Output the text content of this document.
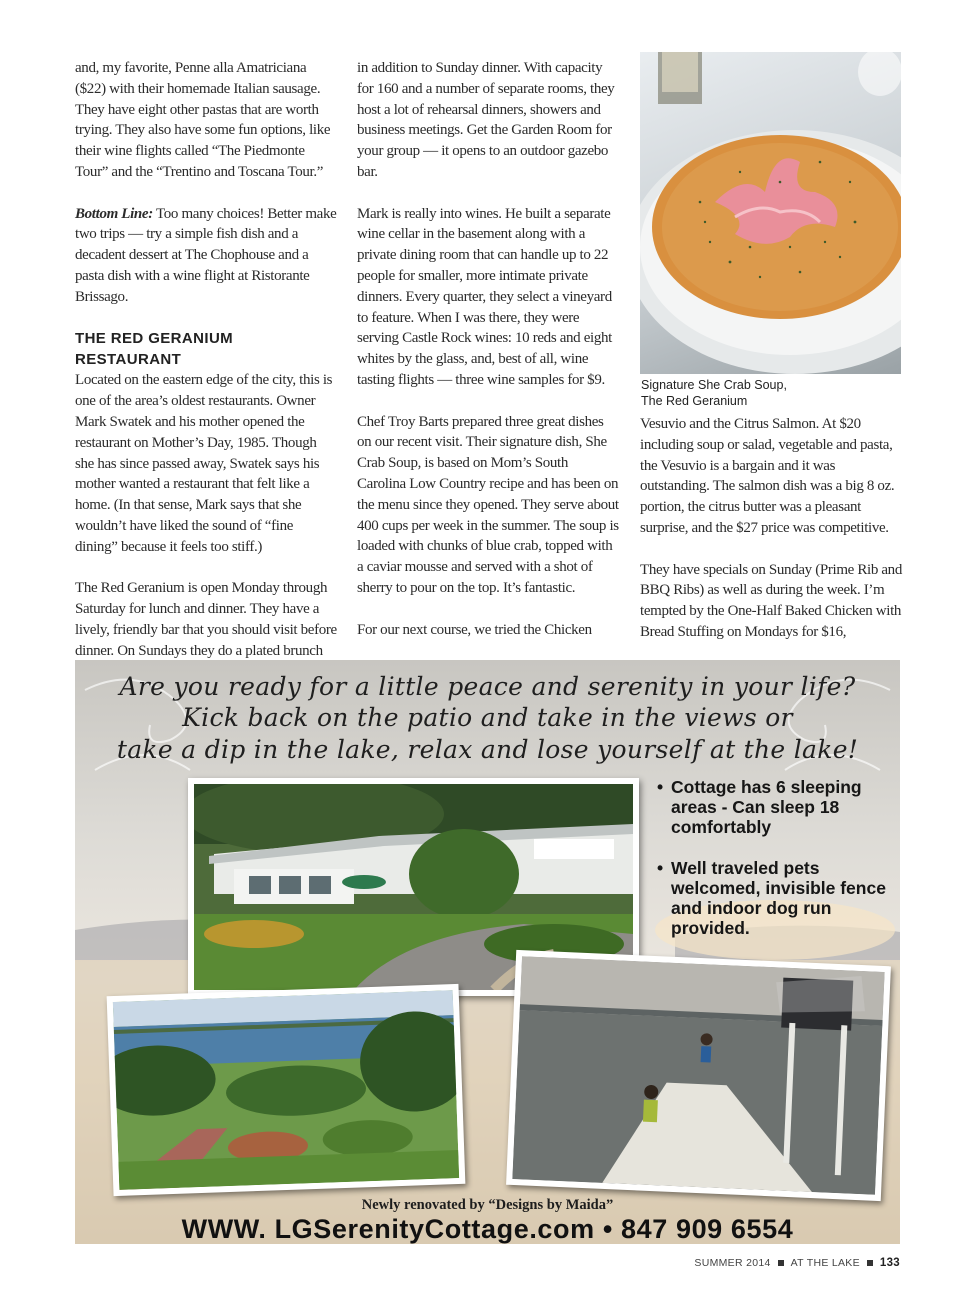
and, my favorite, Penne alla Amatriciana ($22) with their homemade Italian sausage. They have eight other pastas that are worth trying. They also have some fun options, like their wine flights called “The Piedmonte Tour” and the “Trentino and Toscana Tour.”

Bottom Line: Too many choices! Better make two trips — try a simple fish dish and a decadent dessert at The Chophouse and a pasta dish with a wine flight at Ristorante Brissago.

THE RED GERANIUM
RESTAURANT

Located on the eastern edge of the city, this is one of the area’s oldest restaurants. Owner Mark Swatek and his mother opened the restaurant on Mother’s Day, 1985. Though she has since passed away, Swatek says his mother wanted a restaurant that felt like a home. (In that sense, Mark says that she wouldn’t have liked the sound of “fine dining” because it feels too stiff.)

The Red Geranium is open Monday through Saturday for lunch and dinner. They have a lively, friendly bar that you should visit before dinner. On Sundays they do a plated brunch

in addition to Sunday dinner. With capacity for 160 and a number of separate rooms, they host a lot of rehearsal dinners, showers and business meetings. Get the Garden Room for your group — it opens to an outdoor gazebo bar.

Mark is really into wines. He built a separate wine cellar in the basement along with a private dining room that can handle up to 22 people for smaller, more intimate private dinners. Every quarter, they select a vineyard to feature. When I was there, they were serving Castle Rock wines: 10 reds and eight whites by the glass, and, best of all, wine tasting flights — three wine samples for $9.

Chef Troy Barts prepared three great dishes on our recent visit. Their signature dish, She Crab Soup, is based on Mom’s South Carolina Low Country recipe and has been on the menu since they opened. They serve about 400 cups per week in the summer. The soup is loaded with chunks of blue crab, topped with a caviar mousse and served with a shot of sherry to pour on the top. It’s fantastic.

For our next course, we tried the Chicken

Signature She Crab Soup,
The Red Geranium

Vesuvio and the Citrus Salmon. At $20 including soup or salad, vegetable and pasta, the Vesuvio is a bargain and it was outstanding. The salmon dish was a big 8 oz. portion, the citrus butter was a pleasant surprise, and the $27 price was competitive.

They have specials on Sunday (Prime Rib and BBQ Ribs) as well as during the week. I’m tempted by the One-Half Baked Chicken with Bread Stuffing on Mondays for $16,

Are you ready for a little peace and serenity in your life?
Kick back on the patio and take in the views or
take a dip in the lake, relax and lose yourself at the lake!
• Cottage has 6 sleeping areas - Can sleep 18 comfortably
• Well traveled pets welcomed, invisible fence and indoor dog run provided.
Newly renovated by “Designs by Maida”
WWW. LGSerenityCottage.com • 847 909 6554
SUMMER 2014 AT THE LAKE 133
